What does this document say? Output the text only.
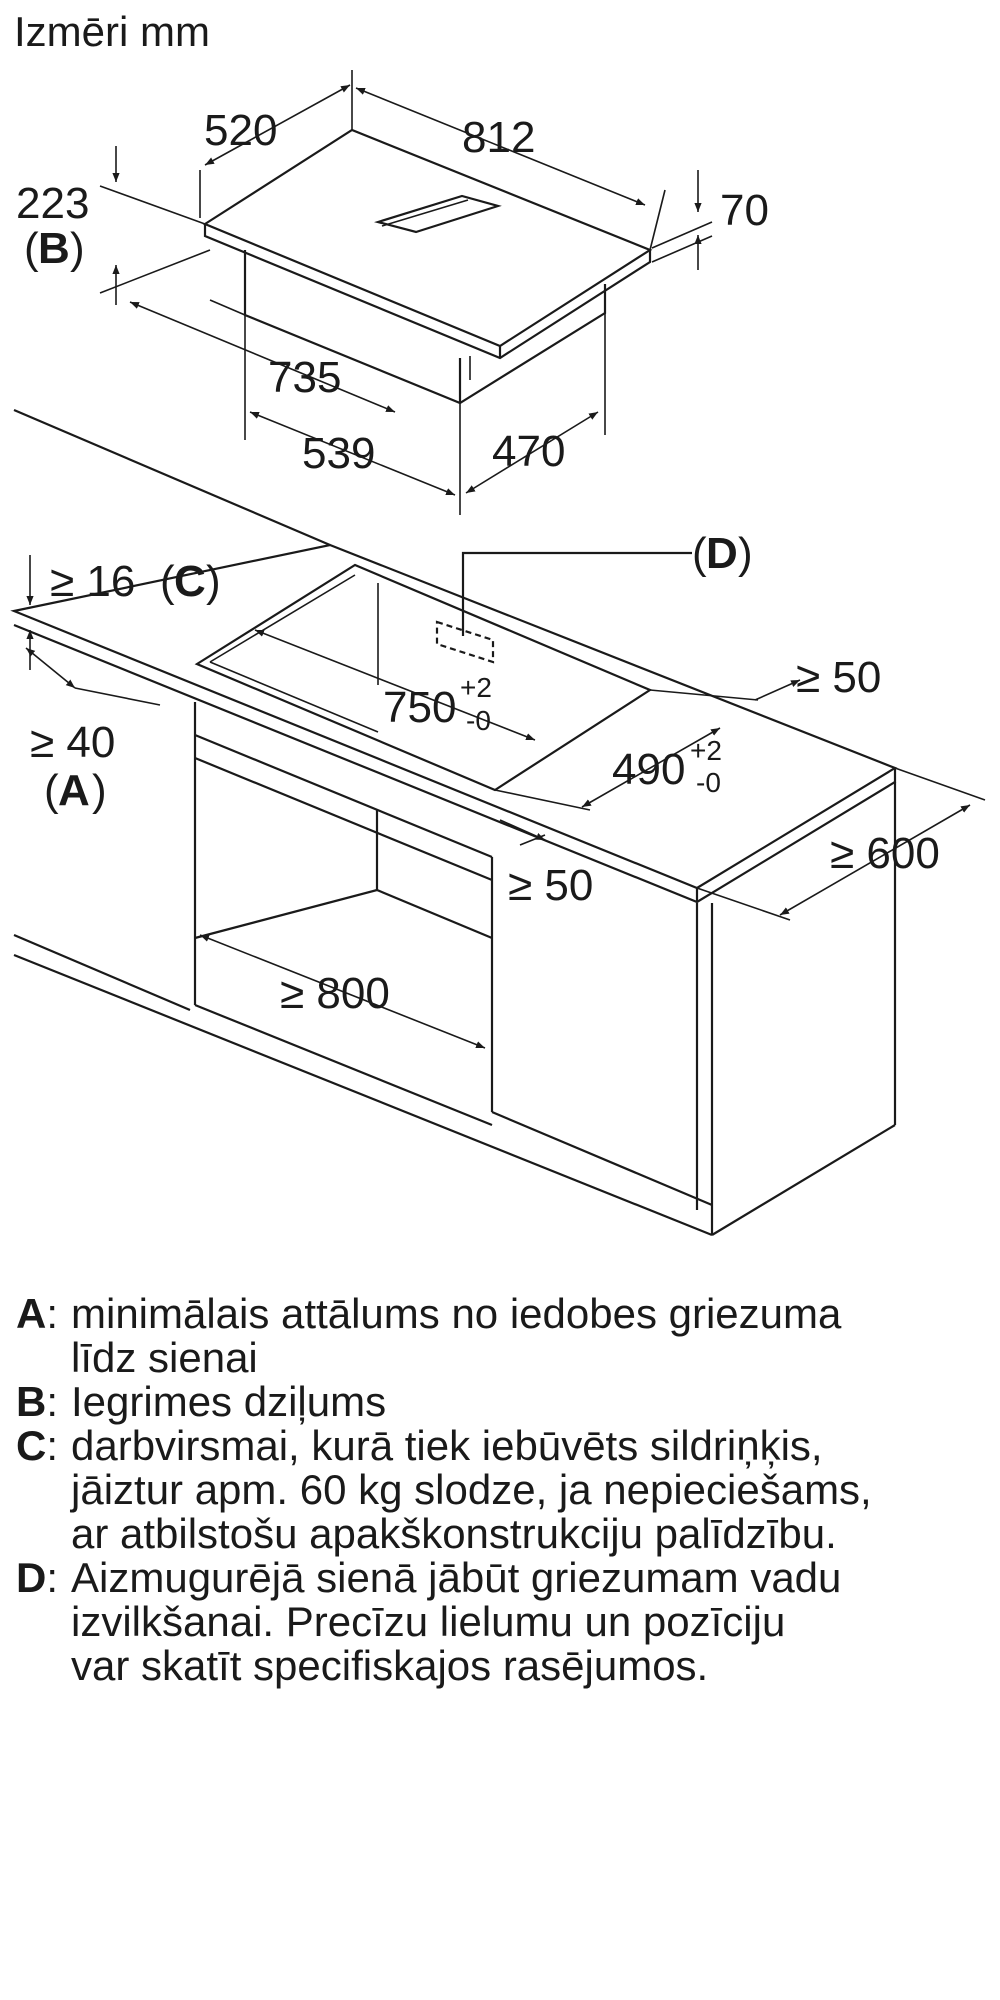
Izmēri mm
520	812
223
( B )
70
735
539	470
≥ 16 ( C )
750 +2
-0
( D )
≥ 50
490 +2
-0
≥ 40
( A )
≥ 50
≥ 600
≥ 800
A: minimālais attālums no iedobes griezuma
līdz sienai
B: Iegrimes dziļums
C: darbvirsmai, kurā tiek iebūvēts sildriņķis,
jāiztur apm. 60 kg slodze, ja nepieciešams,
ar atbilstošu apakškonstrukciju palīdzību.
D: Aizmugurējā sienā jābūt griezumam vadu
izvilkšanai. Precīzu lielumu un pozīciju
var skatīt specifiskajos rasējumos.
